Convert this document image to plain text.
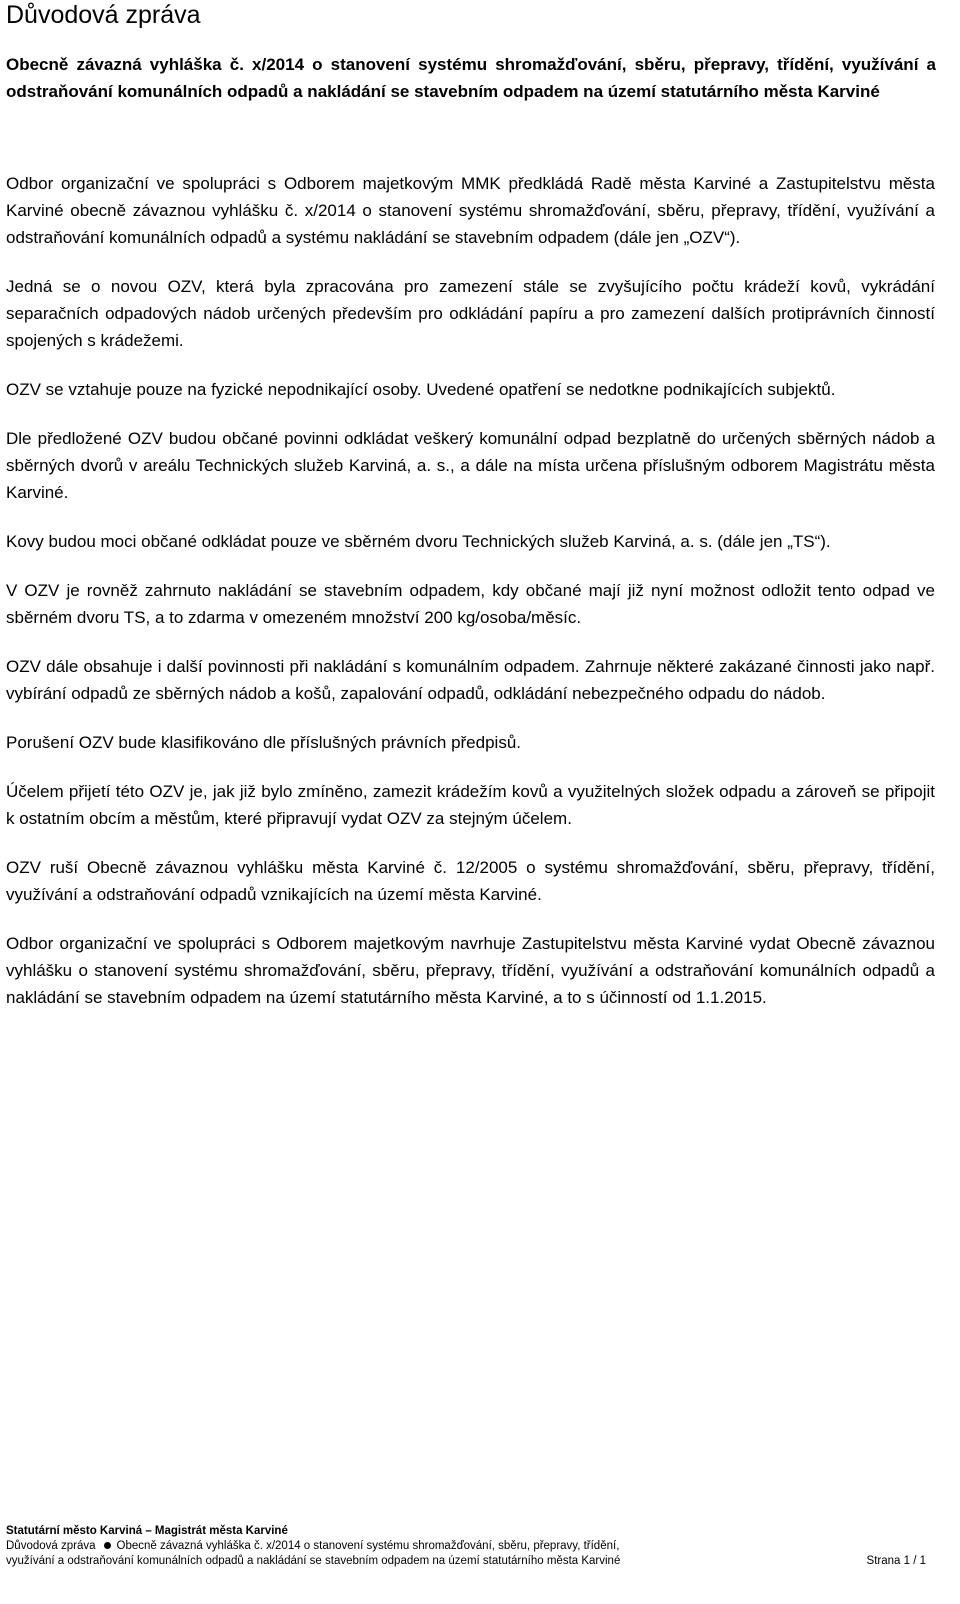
Důvodová zpráva

Obecně závazná vyhláška č. x/2014 o stanovení systému shromažďování, sběru, přepravy, třídění, využívání a odstraňování komunálních odpadů a nakládání se stavebním odpadem na území statutárního města Karviné

Odbor organizační ve spolupráci s Odborem majetkovým MMK předkládá Radě města Karviné a Zastupitelstvu města Karviné obecně závaznou vyhlášku č. x/2014 o stanovení systému shromažďování, sběru, přepravy, třídění, využívání a odstraňování komunálních odpadů a systému nakládání se stavebním odpadem (dále jen „OZV“).

Jedná se o novou OZV, která byla zpracována pro zamezení stále se zvyšujícího počtu krádeží kovů, vykrádání separačních odpadových nádob určených především pro odkládání papíru a pro zamezení dalších protiprávních činností spojených s krádežemi.

OZV se vztahuje pouze na fyzické nepodnikající osoby. Uvedené opatření se nedotkne podnikajících subjektů.

Dle předložené OZV budou občané povinni odkládat veškerý komunální odpad bezplatně do určených sběrných nádob a sběrných dvorů v areálu Technických služeb Karviná, a. s., a dále na místa určena příslušným odborem Magistrátu města Karviné.

Kovy budou moci občané odkládat pouze ve sběrném dvoru Technických služeb Karviná, a. s. (dále jen „TS“).

V OZV je rovněž zahrnuto nakládání se stavebním odpadem, kdy občané mají již nyní možnost odložit tento odpad ve sběrném dvoru TS, a to zdarma v omezeném množství 200 kg/osoba/měsíc.

OZV dále obsahuje i další povinnosti při nakládání s komunálním odpadem. Zahrnuje některé zakázané činnosti jako např. vybírání odpadů ze sběrných nádob a košů, zapalování odpadů, odkládání nebezpečného odpadu do nádob.

Porušení OZV bude klasifikováno dle příslušných právních předpisů.

Účelem přijetí této OZV je, jak již bylo zmíněno, zamezit krádežím kovů a využitelných složek odpadu a zároveň se připojit k ostatním obcím a městům, které připravují vydat OZV za stejným účelem.

OZV ruší Obecně závaznou vyhlášku města Karviné č. 12/2005 o systému shromažďování, sběru, přepravy, třídění, využívání a odstraňování odpadů vznikajících na území města Karviné.

Odbor organizační ve spolupráci s Odborem majetkovým navrhuje Zastupitelstvu města Karviné vydat Obecně závaznou vyhlášku o stanovení systému shromažďování, sběru, přepravy, třídění, využívání a odstraňování komunálních odpadů a nakládání se stavebním odpadem na území statutárního města Karviné, a to s účinností od 1.1.2015.

Statutární město Karviná – Magistrát města Karviné
Důvodová zpráva Obecně závazná vyhláška č. x/2014 o stanovení systému shromažďování, sběru, přepravy, třídění,
využívání a odstraňování komunálních odpadů a nakládání se stavebním odpadem na území statutárního města Karviné	Strana 1 / 1
